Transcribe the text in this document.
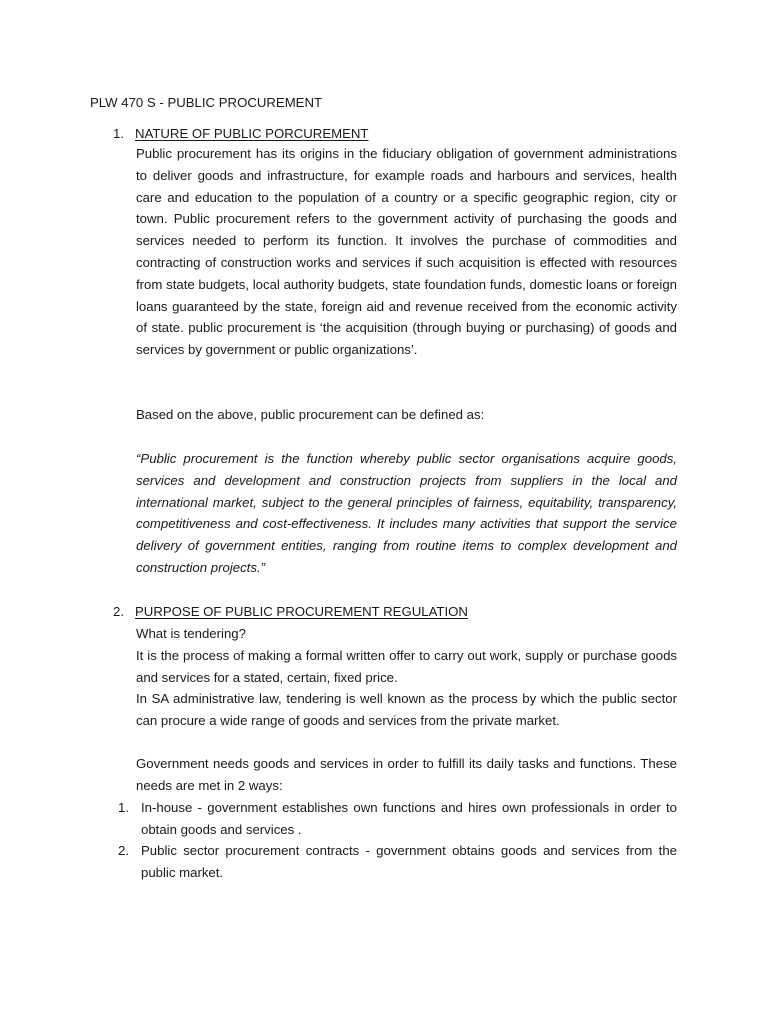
PLW 470 S - PUBLIC PROCUREMENT
1. NATURE OF PUBLIC PORCUREMENT

Public procurement has its origins in the fiduciary obligation of government administrations to deliver goods and infrastructure, for example roads and harbours and services, health care and education to the population of a country or a specific geographic region, city or town. Public procurement refers to the government activity of purchasing the goods and services needed to perform its function. It involves the purchase of commodities and contracting of construction works and services if such acquisition is effected with resources from state budgets, local authority budgets, state foundation funds, domestic loans or foreign loans guaranteed by the state, foreign aid and revenue received from the economic activity of state. public procurement is ‘the acquisition (through buying or purchasing) of goods and services by government or public organizations’.

Based on the above, public procurement can be defined as:

“Public procurement is the function whereby public sector organisations acquire goods, services and development and construction projects from suppliers in the local and international market, subject to the general principles of fairness, equitability, transparency, competitiveness and cost-effectiveness. It includes many activities that support the service delivery of government entities, ranging from routine items to complex development and construction projects.”

2. PURPOSE OF PUBLIC PROCUREMENT REGULATION

What is tendering?

It is the process of making a formal written offer to carry out work, supply or purchase goods and services for a stated, certain, fixed price.

In SA administrative law, tendering is well known as the process by which the public sector can procure a wide range of goods and services from the private market.

Government needs goods and services in order to fulfill its daily tasks and functions. These needs are met in 2 ways:

1. In-house - government establishes own functions and hires own professionals in order to obtain goods and services .
2. Public sector procurement contracts - government obtains goods and services from the public market.
